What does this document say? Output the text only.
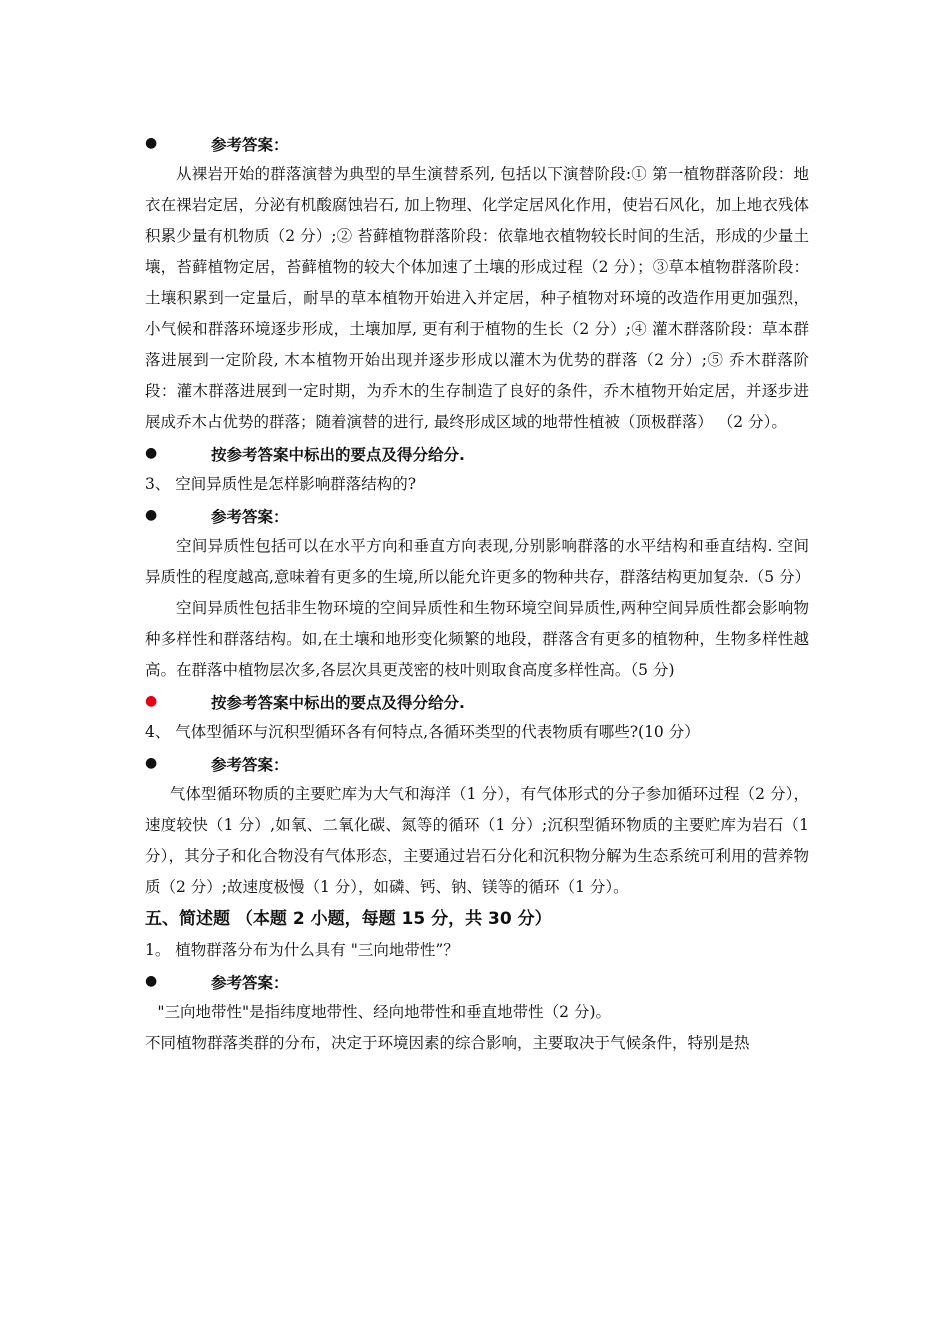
●	参考答案：

从裸岩开始的群落演替为典型的旱生演替系列, 包括以下演替阶段:① 第一植物群落阶段：地衣在裸岩定居，分泌有机酸腐蚀岩石, 加上物理、化学定居风化作用，使岩石风化，加上地衣残体积累少量有机物质（2 分）;② 苔藓植物群落阶段：依靠地衣植物较长时间的生活，形成的少量土壤，苔藓植物定居，苔藓植物的较大个体加速了土壤的形成过程（2 分）；③草本植物群落阶段：土壤积累到一定量后，耐旱的草本植物开始进入并定居，种子植物对环境的改造作用更加强烈，小气候和群落环境逐步形成，土壤加厚, 更有利于植物的生长（2 分）;④ 灌木群落阶段：草本群落进展到一定阶段, 木本植物开始出现并逐步形成以灌木为优势的群落（2 分）;⑤ 乔木群落阶段：灌木群落进展到一定时期，为乔木的生存制造了良好的条件，乔木植物开始定居，并逐步进展成乔木占优势的群落；随着演替的进行, 最终形成区域的地带性植被（顶极群落） （2 分）。

●	按参考答案中标出的要点及得分给分.

3、 空间异质性是怎样影响群落结构的?

●	参考答案：

空间异质性包括可以在水平方向和垂直方向表现,分别影响群落的水平结构和垂直结构. 空间异质性的程度越高,意味着有更多的生境,所以能允许更多的物种共存，群落结构更加复杂.（5 分）

空间异质性包括非生物环境的空间异质性和生物环境空间异质性,两种空间异质性都会影响物种多样性和群落结构。如,在土壤和地形变化频繁的地段，群落含有更多的植物种，生物多样性越高。在群落中植物层次多,各层次具更茂密的枝叶则取食高度多样性高。（5 分)

●	按参考答案中标出的要点及得分给分.

4、 气体型循环与沉积型循环各有何特点,各循环类型的代表物质有哪些?(10 分）

●	参考答案：

气体型循环物质的主要贮库为大气和海洋（1 分），有气体形式的分子参加循环过程（2 分），速度较快（1 分）,如氧、二氧化碳、氮等的循环（1 分）;沉积型循环物质的主要贮库为岩石（1 分），其分子和化合物没有气体形态，主要通过岩石分化和沉积物分解为生态系统可利用的营养物质（2 分）;故速度极慢（1 分），如磷、钙、钠、镁等的循环（1 分）。

五、简述题 （本题 2 小题，每题 15 分，共 30 分）

1。 植物群落分布为什么具有 "三向地带性”？

●	参考答案：

"三向地带性"是指纬度地带性、经向地带性和垂直地带性（2 分)。

不同植物群落类群的分布，决定于环境因素的综合影响，主要取决于气候条件，特别是热
